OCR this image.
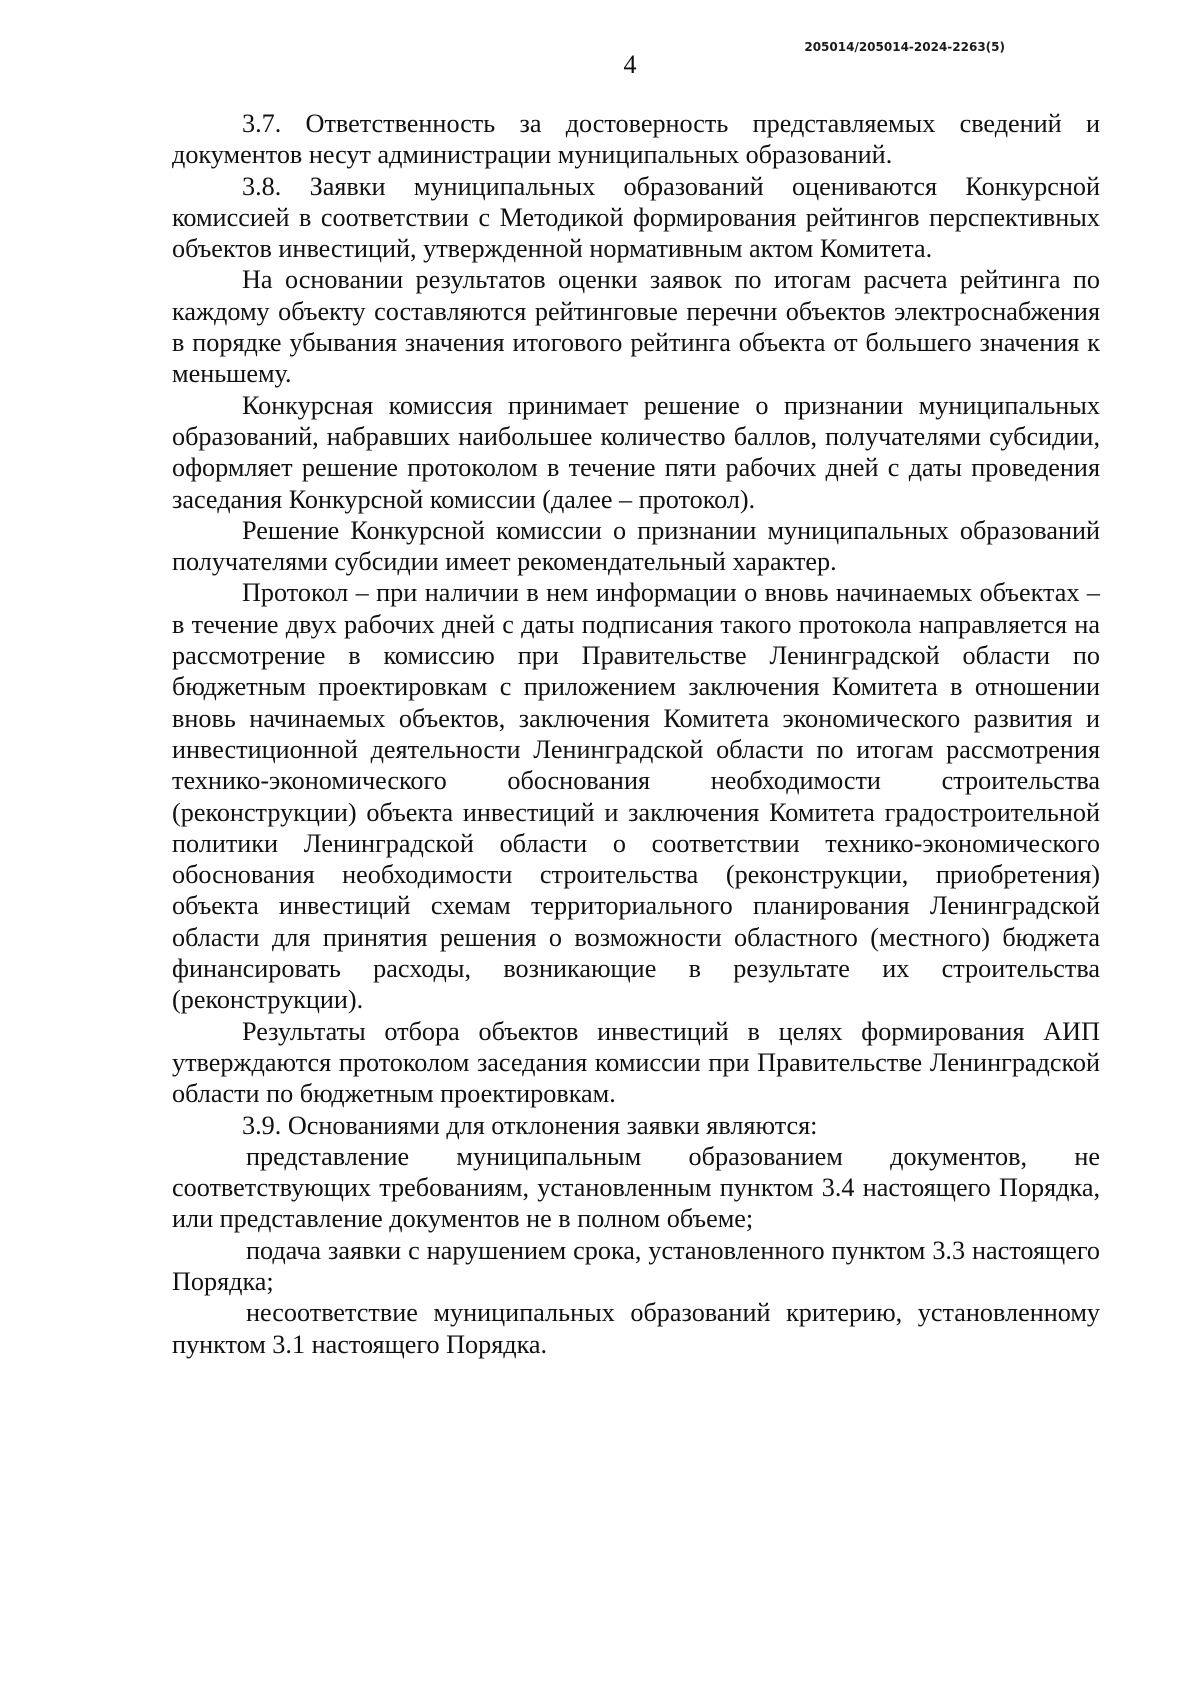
205014/205014-2024-2263(5)
4

3.7. Ответственность за достоверность представляемых сведений и документов несут администрации муниципальных образований.

3.8. Заявки муниципальных образований оцениваются Конкурсной комиссией в соответствии с Методикой формирования рейтингов перспективных объектов инвестиций, утвержденной нормативным актом Комитета.

На основании результатов оценки заявок по итогам расчета рейтинга по каждому объекту составляются рейтинговые перечни объектов электроснабжения в порядке убывания значения итогового рейтинга объекта от большего значения к меньшему.

Конкурсная комиссия принимает решение о признании муниципальных образований, набравших наибольшее количество баллов, получателями субсидии, оформляет решение протоколом в течение пяти рабочих дней с даты проведения заседания Конкурсной комиссии (далее – протокол).

Решение Конкурсной комиссии о признании муниципальных образований получателями субсидии имеет рекомендательный характер.

Протокол – при наличии в нем информации о вновь начинаемых объектах – в течение двух рабочих дней с даты подписания такого протокола направляется на рассмотрение в комиссию при Правительстве Ленинградской области по бюджетным проектировкам с приложением заключения Комитета в отношении вновь начинаемых объектов, заключения Комитета экономического развития и инвестиционной деятельности Ленинградской области по итогам рассмотрения технико-экономического обоснования необходимости строительства (реконструкции) объекта инвестиций и заключения Комитета градостроительной политики Ленинградской области о соответствии технико-экономического обоснования необходимости строительства (реконструкции, приобретения) объекта инвестиций схемам территориального планирования Ленинградской области для принятия решения о возможности областного (местного) бюджета финансировать расходы, возникающие в результате их строительства (реконструкции).

Результаты отбора объектов инвестиций в целях формирования АИП утверждаются протоколом заседания комиссии при Правительстве Ленинградской области по бюджетным проектировкам.

3.9. Основаниями для отклонения заявки являются:

представление муниципальным образованием документов, не соответствующих требованиям, установленным пунктом 3.4 настоящего Порядка, или представление документов не в полном объеме;

подача заявки с нарушением срока, установленного пунктом 3.3 настоящего Порядка;

несоответствие муниципальных образований критерию, установленному пунктом 3.1 настоящего Порядка.
